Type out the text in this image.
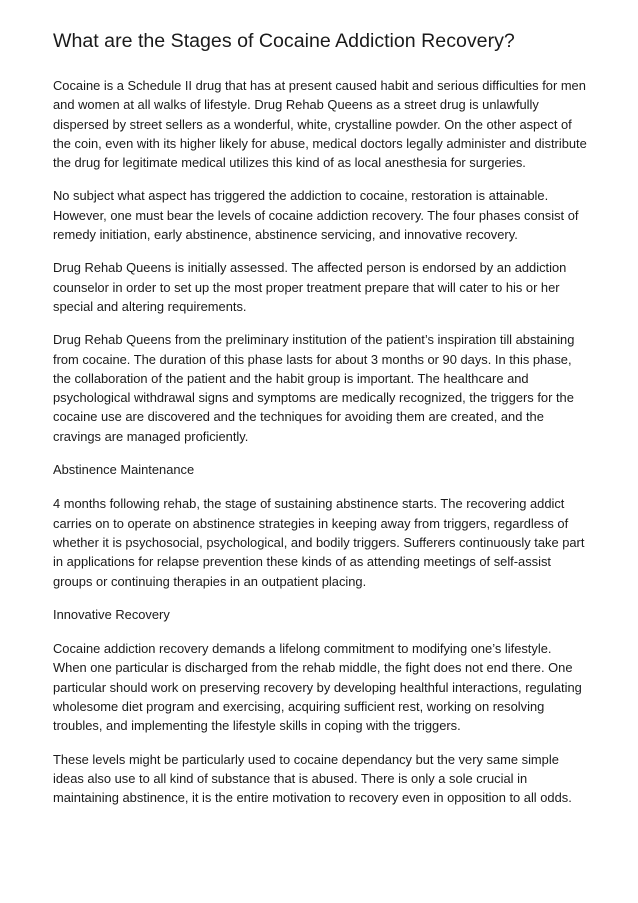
What are the Stages of Cocaine Addiction Recovery?

Cocaine is a Schedule II drug that has at present caused habit and serious difficulties for men and women at all walks of lifestyle. Drug Rehab Queens as a street drug is unlawfully dispersed by street sellers as a wonderful, white, crystalline powder. On the other aspect of the coin, even with its higher likely for abuse, medical doctors legally administer and distribute the drug for legitimate medical utilizes this kind of as local anesthesia for surgeries.

No subject what aspect has triggered the addiction to cocaine, restoration is attainable. However, one must bear the levels of cocaine addiction recovery. The four phases consist of remedy initiation, early abstinence, abstinence servicing, and innovative recovery.

Drug Rehab Queens is initially assessed. The affected person is endorsed by an addiction counselor in order to set up the most proper treatment prepare that will cater to his or her special and altering requirements.

Drug Rehab Queens from the preliminary institution of the patient’s inspiration till abstaining from cocaine. The duration of this phase lasts for about 3 months or 90 days. In this phase, the collaboration of the patient and the habit group is important. The healthcare and psychological withdrawal signs and symptoms are medically recognized, the triggers for the cocaine use are discovered and the techniques for avoiding them are created, and the cravings are managed proficiently.

Abstinence Maintenance

4 months following rehab, the stage of sustaining abstinence starts. The recovering addict carries on to operate on abstinence strategies in keeping away from triggers, regardless of whether it is psychosocial, psychological, and bodily triggers. Sufferers continuously take part in applications for relapse prevention these kinds of as attending meetings of self-assist groups or continuing therapies in an outpatient placing.

Innovative Recovery

Cocaine addiction recovery demands a lifelong commitment to modifying one’s lifestyle. When one particular is discharged from the rehab middle, the fight does not end there. One particular should work on preserving recovery by developing healthful interactions, regulating wholesome diet program and exercising, acquiring sufficient rest, working on resolving troubles, and implementing the lifestyle skills in coping with the triggers.

These levels might be particularly used to cocaine dependancy but the very same simple ideas also use to all kind of substance that is abused. There is only a sole crucial in maintaining abstinence, it is the entire motivation to recovery even in opposition to all odds.
